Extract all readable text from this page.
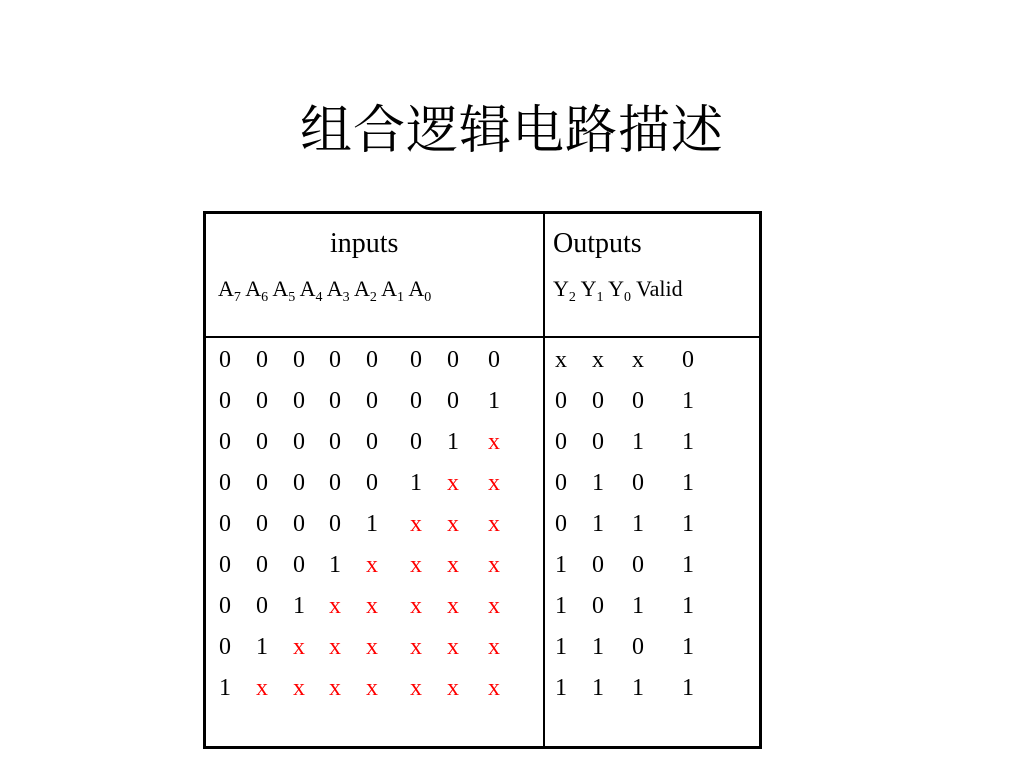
组合逻辑电路描述
inputs
$A_7$ $A_6$ $A_5$ $A_4$ $A_3$ $A_2$ $A_1$ $A_0$
Outputs
$Y_2$ $Y_1$ $Y_0$ Valid
0 0 0 0 0 0 0 0 x x x 0
0 0 0 0 0 0 0 1 0 0 0 1
0 0 0 0 0 0 1 x 0 0 1 1
0 0 0 0 0 1 x x 0 1 0 1
0 0 0 0 1 x x x 0 1 1 1
0 0 0 1 x x x x 1 0 0 1
0 0 1 x x x x x 1 0 1 1
0 1 x x x x x x 1 1 0 1
1 x x x x x x x 1 1 1 1
